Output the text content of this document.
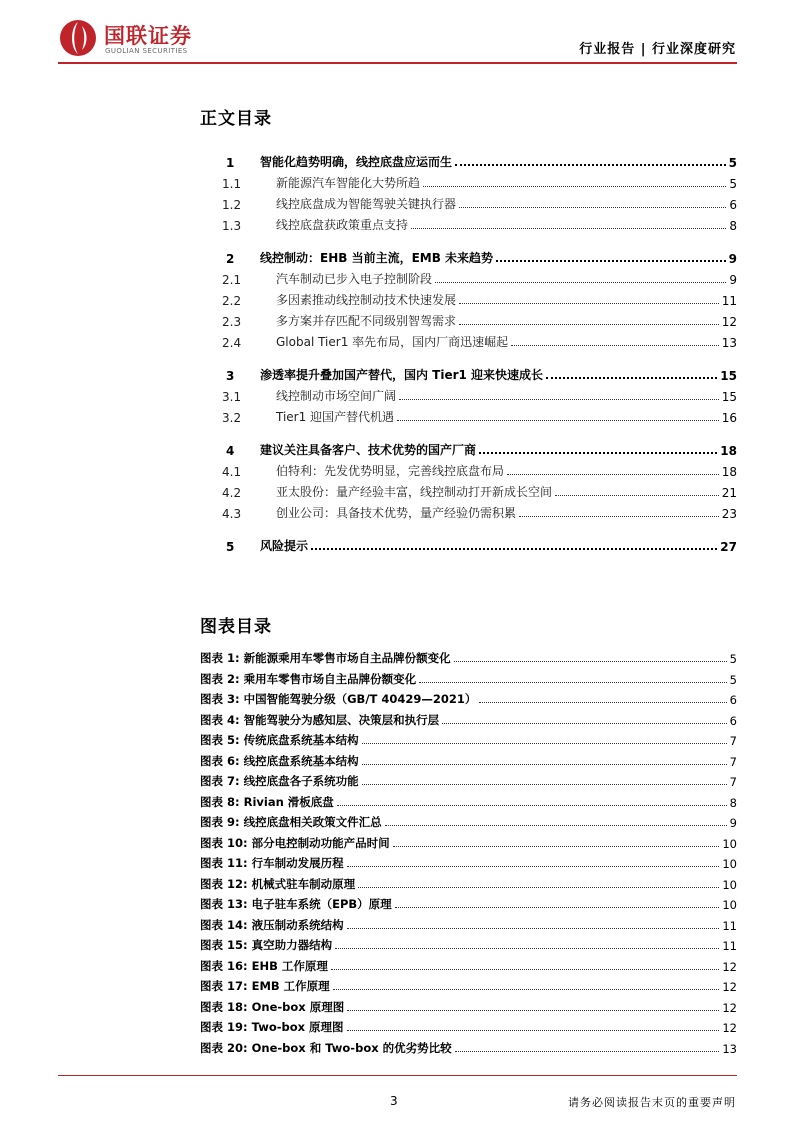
国联证券
GUOLIAN SECURITIES	行业报告 | 行业深度研究
正文目录
1	智能化趋势明确，线控底盘应运而生	5
1.1	新能源汽车智能化大势所趋	5
1.2	线控底盘成为智能驾驶关键执行器	6
1.3	线控底盘获政策重点支持	8
2	线控制动：EHB 当前主流，EMB 未来趋势	9
2.1	汽车制动已步入电子控制阶段	9
2.2	多因素推动线控制动技术快速发展	11
2.3	多方案并存匹配不同级别智驾需求	12
2.4	Global Tier1 率先布局，国内厂商迅速崛起	13
3	渗透率提升叠加国产替代，国内 Tier1 迎来快速成长	15
3.1	线控制动市场空间广阔	15
3.2	Tier1 迎国产替代机遇	16
4	建议关注具备客户、技术优势的国产厂商	18
4.1	伯特利：先发优势明显，完善线控底盘布局	18
4.2	亚太股份：量产经验丰富，线控制动打开新成长空间	21
4.3	创业公司：具备技术优势，量产经验仍需积累	23
5	风险提示	27
图表目录
图表 1: 新能源乘用车零售市场自主品牌份额变化	5
图表 2: 乘用车零售市场自主品牌份额变化	5
图表 3: 中国智能驾驶分级（GB/T 40429—2021）	6
图表 4: 智能驾驶分为感知层、决策层和执行层	6
图表 5: 传统底盘系统基本结构	7
图表 6: 线控底盘系统基本结构	7
图表 7: 线控底盘各子系统功能	7
图表 8: Rivian 滑板底盘	8
图表 9: 线控底盘相关政策文件汇总	9
图表 10: 部分电控制动功能产品时间	10
图表 11: 行车制动发展历程	10
图表 12: 机械式驻车制动原理	10
图表 13: 电子驻车系统（EPB）原理	10
图表 14: 液压制动系统结构	11
图表 15: 真空助力器结构	11
图表 16: EHB 工作原理	12
图表 17: EMB 工作原理	12
图表 18: One-box 原理图	12
图表 19: Two-box 原理图	12
图表 20: One-box 和 Two-box 的优劣势比较	13
3	请务必阅读报告末页的重要声明
